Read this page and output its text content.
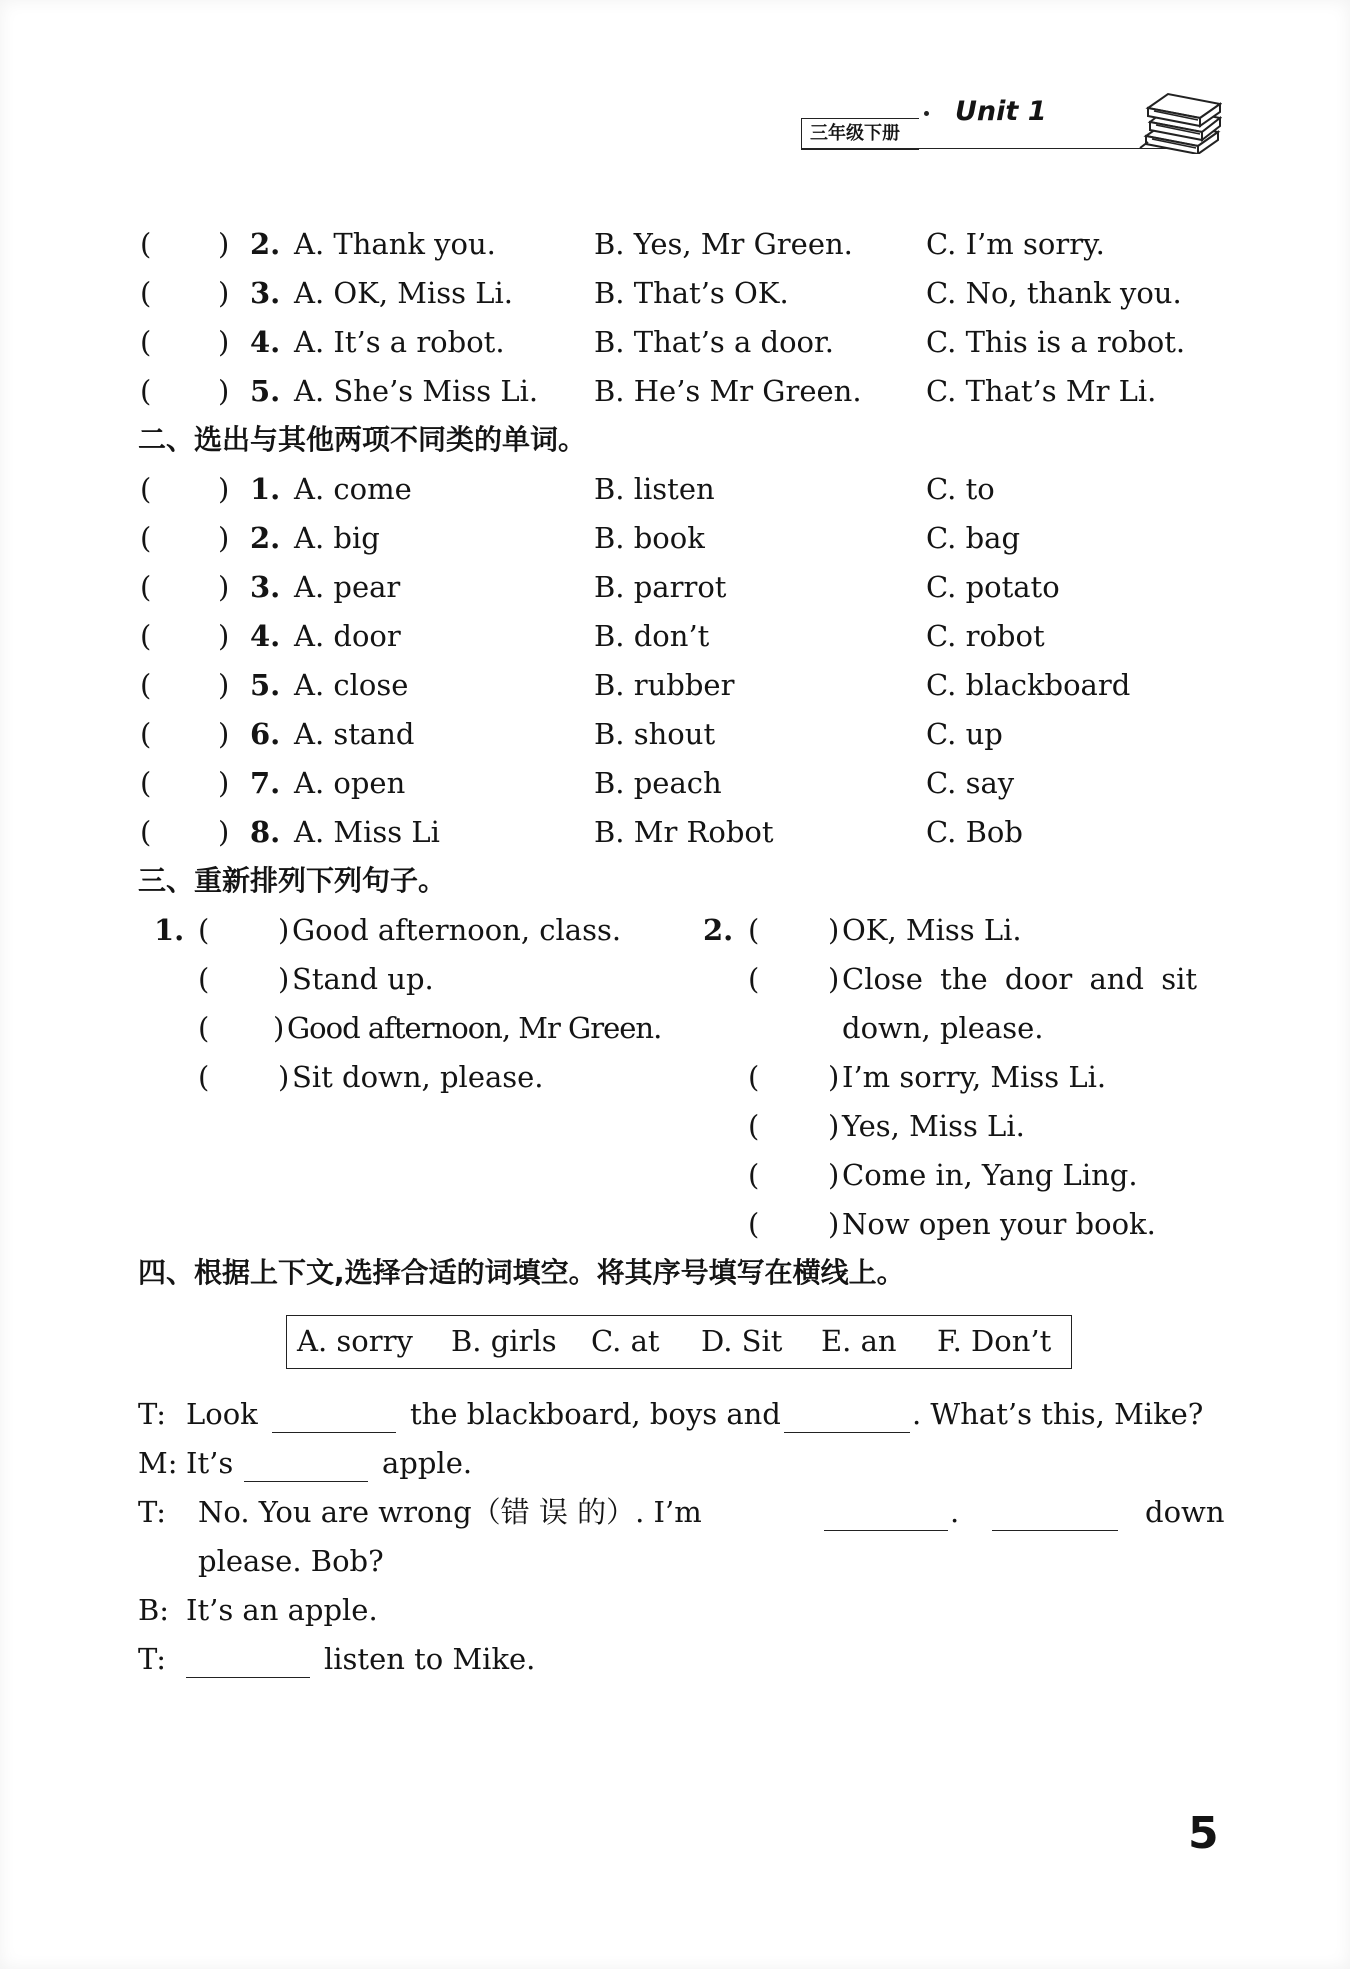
三年级下册
Unit 1
( ) 2. A. Thank you.	B. Yes, Mr Green.	C. I’m sorry.
( ) 3. A. OK, Miss Li.	B. That’s OK.	C. No, thank you.
( ) 4. A. It’s a robot.	B. That’s a door.	C. This is a robot.
( ) 5. A. She’s Miss Li. B. He’s Mr Green. C. That’s Mr Li.
二、选出与其他两项不同类的单词。
( ) 1. A. come	B. listen	C. to
( ) 2. A. big	B. book	C. bag
( ) 3. A. pear	B. parrot	C. potato
( ) 4. A. door	B. don’t	C. robot
( ) 5. A. close	B. rubber	C. blackboard
( ) 6. A. stand	B. shout	C. up
( ) 7. A. open	B. peach	C. say
( ) 8. A. Miss Li	B. Mr Robot	C. Bob
三、重新排列下列句子。
1. ( ) Good afternoon, class.
( ) Stand up.
( ) Good afternoon, Mr Green.
( ) Sit down, please.
2. ( ) OK, Miss Li.
( ) Close the door and sit
down, please.
( ) I’m sorry, Miss Li.
( ) Yes, Miss Li.
( ) Come in, Yang Ling.
( ) Now open your book.
四、根据上下文,选择合适的词填空。将其序号填写在横线上。
A. sorry B. girls C. at D. Sit E. an F. Don’t
T: Look	the blackboard, boys and	. What’s this, Mike?
M: It’s	apple.
T: No. You are wrong（错 误 的）. I’m	.	down
please. Bob?
B: It’s an apple.
T:	listen to Mike.
5
